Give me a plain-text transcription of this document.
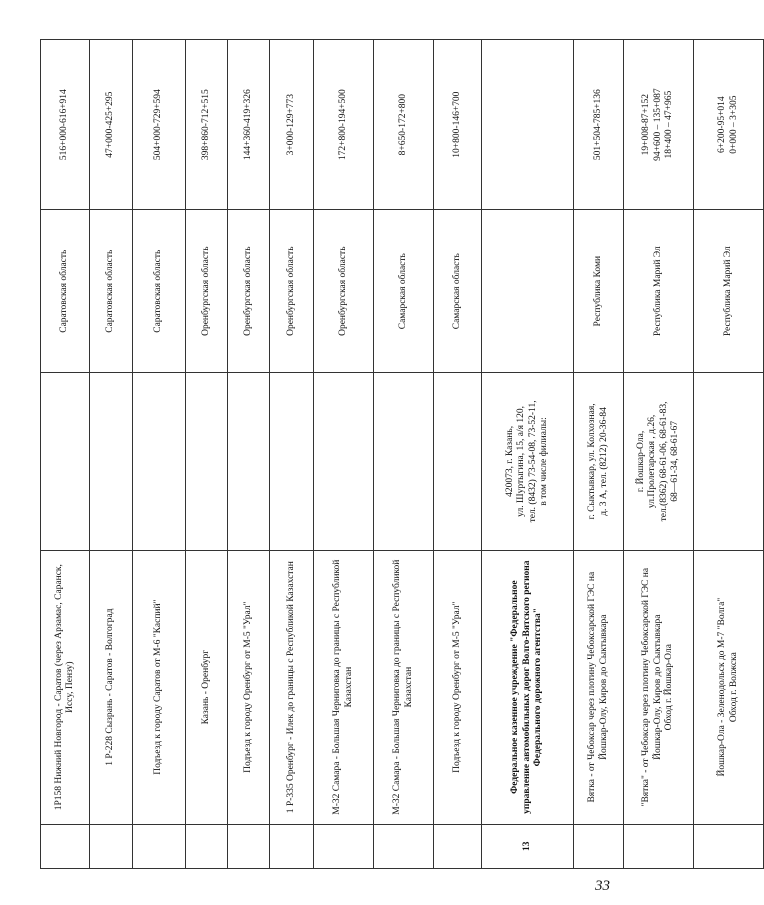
	1Р158 Нижний Новгород - Саратов (через Арзамас, Саранск, Исcу, Пензу)		Саратовская область	516+000-616+914
	1 Р-228 Сызрань - Саратов - Волгоград		Саратовская область	47+000-425+295
	Подъезд к городу Саратов от М-6 "Каспий"		Саратовская область	504+000-729+594
	Казань - Оренбург		Оренбургская область	398+860-712+515
	Подъезд к городу Оренбург от М-5 "Урал"		Оренбургская область	144+360-419+326
	1 Р-335 Оренбург - Илек до границы с Республикой Казахстан		Оренбургская область	3+000-129+773
	М-32 Самара - Большая Черниговка до границы с Республикой Казахстан		Оренбургская область	172+800-194+500
	М-32 Самара - Большая Черниговка до границы с Республикой Казахстан		Самарская область	8+650-172+800
	Подъезд к городу Оренбург от М-5 "Урал"		Самарская область	10+800-146+700
13	Федеральное казенное учреждение "Федеральное управление автомобильных дорог Волго-Вятского региона Федерального дорожного агентства"	420073, г. Казань,
ул. Шуртыгина, 15, а/я 120,
тел. (8432) 73-54-08, 73-52-11,
в том числе филиалы:		
	Вятка - от Чебоксар через плотину Чебоксарской ГЭС на Йошкар-Олу, Киров до Сыктывкара	г. Сыктывкар, ул. Колхозная,
д. 3 А, тел. (8212) 20-36-84	Республика Коми	501+504-785+136
	"Вятка" - от Чебоксар через плотину Чебоксарской ГЭС на Йошкар-Олу, Киров до Сыктывкара
Обход г. Йошкар-Ола	г. Йошкар-Ола,
ул.Пролетарская , д.26,
тел.(8362) 68-61-06, 68-61-83,
68—61-34, 68-61-67	Республика Марий Эл	19+008-87+152
94+600 – 135+087
18+400 – 47+965
	Йошкар-Ола - Зеленодольск до М-7 "Волга"
Обход г. Волжска		Республика Марий Эл	6+200-95+014
0+000 – 3+305
33
